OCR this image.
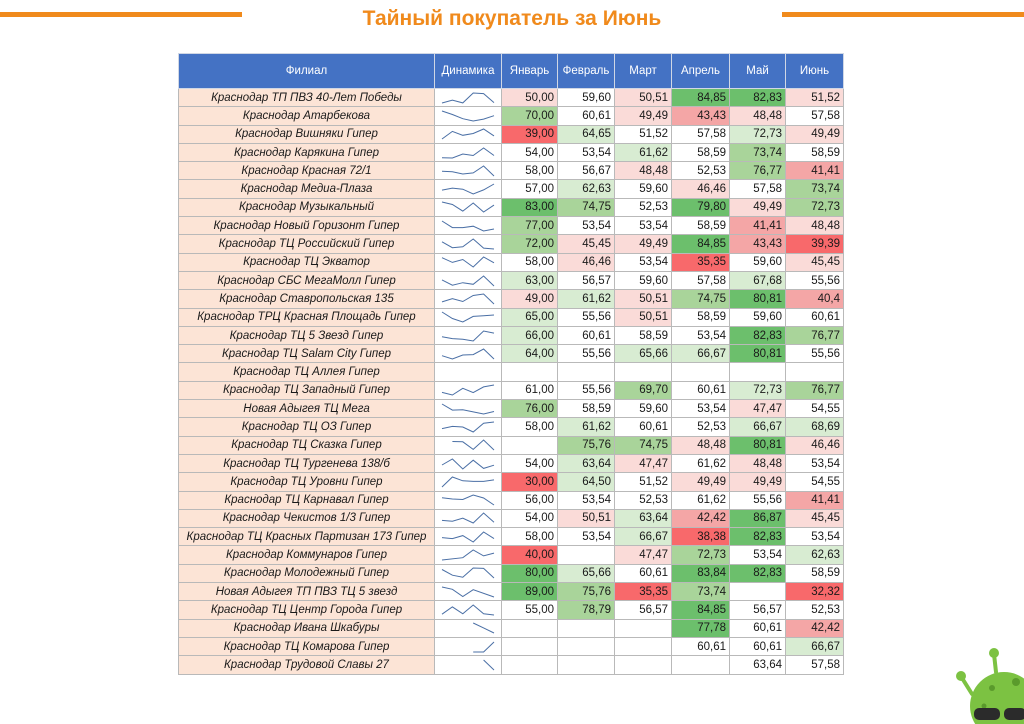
Тайный покупатель за Июнь
Филиал	Динамика	Январь	Февраль	Март	Апрель	Май	Июнь
Краснодар ТП ПВЗ 40-Лет Победы		50,00	59,60	50,51	84,85	82,83	51,52
Краснодар Атарбекова		70,00	60,61	49,49	43,43	48,48	57,58
Краснодар Вишняки Гипер		39,00	64,65	51,52	57,58	72,73	49,49
Краснодар Карякина Гипер		54,00	53,54	61,62	58,59	73,74	58,59
Краснодар Красная 72/1		58,00	56,67	48,48	52,53	76,77	41,41
Краснодар Медиа-Плаза		57,00	62,63	59,60	46,46	57,58	73,74
Краснодар Музыкальный		83,00	74,75	52,53	79,80	49,49	72,73
Краснодар Новый Горизонт Гипер		77,00	53,54	53,54	58,59	41,41	48,48
Краснодар ТЦ Российский Гипер		72,00	45,45	49,49	84,85	43,43	39,39
Краснодар ТЦ Экватор		58,00	46,46	53,54	35,35	59,60	45,45
Краснодар СБС МегаМолл Гипер		63,00	56,57	59,60	57,58	67,68	55,56
Краснодар Ставропольская 135		49,00	61,62	50,51	74,75	80,81	40,4
Краснодар ТРЦ Красная Площадь Гипер		65,00	55,56	50,51	58,59	59,60	60,61
Краснодар ТЦ 5 Звезд Гипер		66,00	60,61	58,59	53,54	82,83	76,77
Краснодар ТЦ Salam City Гипер		64,00	55,56	65,66	66,67	80,81	55,56
Краснодар ТЦ Аллея Гипер	

Краснодар ТЦ Западный Гипер		61,00	55,56	69,70	60,61	72,73	76,77
Новая Адыгея ТЦ Мега		76,00	58,59	59,60	53,54	47,47	54,55
Краснодар ТЦ ОЗ Гипер		58,00	61,62	60,61	52,53	66,67	68,69
Краснодар ТЦ Сказка Гипер			75,76	74,75	48,48	80,81	46,46
Краснодар ТЦ Тургенева 138/б		54,00	63,64	47,47	61,62	48,48	53,54
Краснодар ТЦ Уровни Гипер		30,00	64,50	51,52	49,49	49,49	54,55
Краснодар ТЦ Карнавал Гипер		56,00	53,54	52,53	61,62	55,56	41,41
Краснодар Чекистов 1/3 Гипер		54,00	50,51	63,64	42,42	86,87	45,45
Краснодар ТЦ Красных Партизан 173 Гипер		58,00	53,54	66,67	38,38	82,83	53,54
Краснодар Коммунаров Гипер		40,00		47,47	72,73	53,54	62,63
Краснодар Молодежный Гипер		80,00	65,66	60,61	83,84	82,83	58,59
Новая Адыгея ТП ПВЗ ТЦ 5 звезд		89,00	75,76	35,35	73,74		32,32
Краснодар ТЦ Центр Города Гипер		55,00	78,79	56,57	84,85	56,57	52,53
Краснодар Ивана Шкабуры					77,78	60,61	42,42
Краснодар ТЦ Комарова Гипер					60,61	60,61	66,67
Краснодар Трудовой Славы 27						63,64	57,58
